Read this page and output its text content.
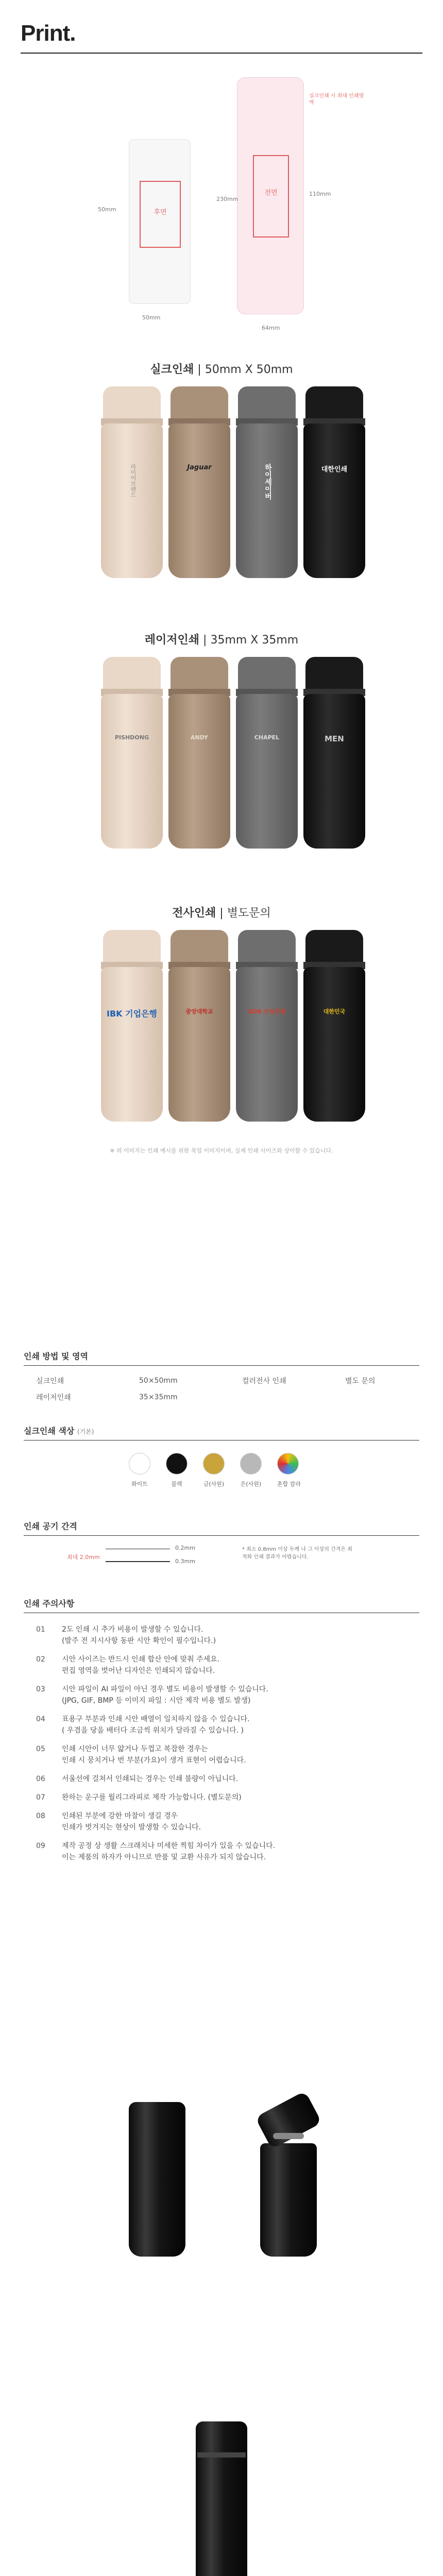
Print.
후면
50mm
50mm
전면
실크인쇄 시 최대 인쇄영역
110mm
230mm
64mm
실크인쇄 | 50mm X 50mm
라이어브랜드	Jaguar	하이세이버	대한인쇄
레이저인쇄 | 35mm X 35mm
PISHDONG	ANDY	CHAPEL	MEN
전사인쇄 | 별도문의
IBK 기업은행	중앙대학교	KDB 산업은행	대한민국
※ 위 이미지는 인쇄 예시를 위한 목업 이미지이며, 실제 인쇄 사이즈와 상이할 수 있습니다.
인쇄 방법 및 영역
실크인쇄	50×50mm	컬러전사 인쇄	별도 문의
레이저인쇄	35×35mm		
실크인쇄 색상 (기본)
화이트	블랙	금(사원)	은(사원)	혼합 칼라
인쇄 공기 간격
최대 2.0mm
0.2mm
0.3mm
* 최소 0.8mm 이상 두께 나 그 이상의 간격은 최적화 인쇄 결과가 어렵습니다.
인쇄 주의사항
01	2도 인쇄 시 추가 비용이 발생할 수 있습니다.
(발주 전 지시사항 동판 시안 확인이 필수입니다.)
02	시안 사이즈는 반드시 인쇄 합산 안에 맞춰 주세요.
편집 영역을 벗어난 디자인은 인쇄되지 않습니다.
03	시안 파일이 AI 파일이 아닌 경우 별도 비용이 발생할 수 있습니다.
(JPG, GIF, BMP 등 이미지 파일 : 시안 제작 비용 별도 발생)
04	표용구 부분과 인쇄 시안 배열이 일치하지 않을 수 있습니다.
( 우겸을 당을 배터다 조금씩 위치가 달라질 수 있습니다. )
05	인쇄 시안이 너무 얇거나 두껍고 복잡한 경우는
인쇄 시 뭉치거나 번 부분(가요)이 생겨 표현이 어렵습니다.
06	서울선에 걸쳐서 인쇄되는 경우는 인쇄 불량이 아닙니다.
07	완하는 운구를 월리그라피로 제작 가능합니다. (별도문의)
08	인쇄된 부분에 강한 마찰이 생길 경우
인쇄가 벗겨지는 현상이 발생할 수 있습니다.
09	제작 공정 상 생활 스크래치나 미세한 찍힘 차이가 있을 수 있습니다.
이는 제품의 하자가 아니므로 반품 및 교환 사유가 되지 않습니다.
